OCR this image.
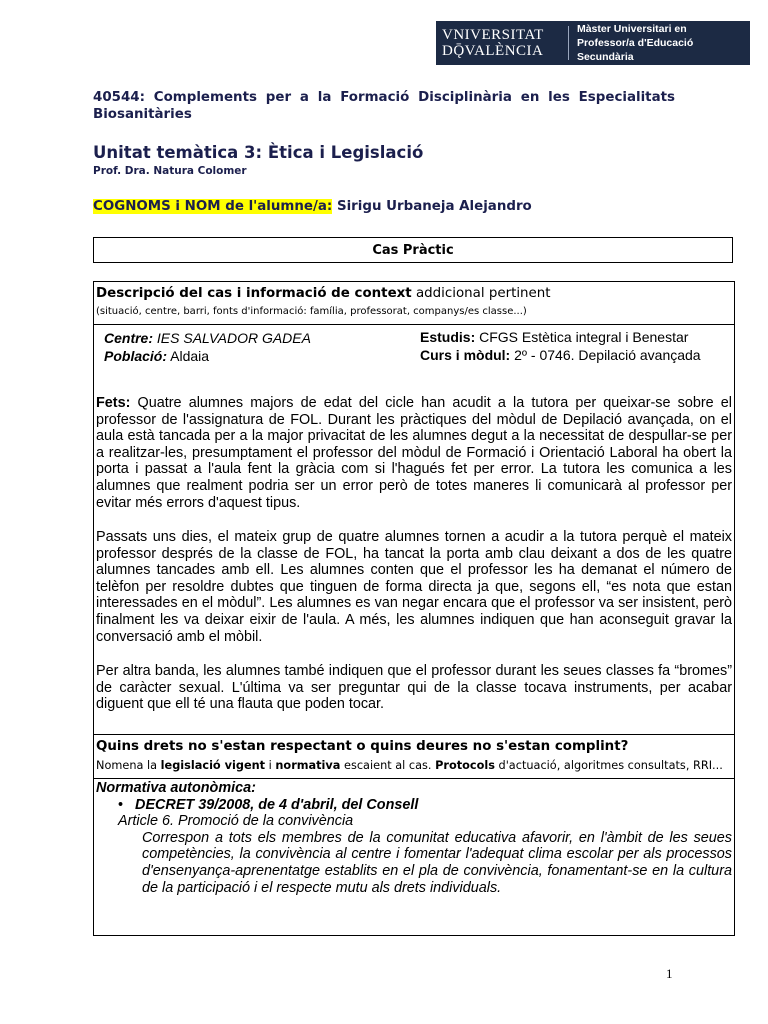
VNIVERSITAT
DǬVALÈNCIA
Màster Universitari en
Professor/a d'Educació Secundària
40544: Complements per a la Formació Disciplinària en les Especialitats
Biosanitàries
Unitat temàtica 3: Ètica i Legislació
Prof. Dra. Natura Colomer
COGNOMS i NOM de l'alumne/a: Sirigu Urbaneja Alejandro
Cas Pràctic
Descripció del cas i informació de context addicional pertinent
(situació, centre, barri, fonts d'informació: família, professorat, companys/es classe...)
Centre: IES SALVADOR GADEA
Població: Aldaia
Estudis: CFGS Estètica integral i Benestar
Curs i mòdul: 2º - 0746. Depilació avançada
Fets: Quatre alumnes majors de edat del cicle han acudit a la tutora per queixar-se sobre el professor de l'assignatura de FOL. Durant les pràctiques del mòdul de Depilació avançada, on el aula està tancada per a la major privacitat de les alumnes degut a la necessitat de despullar-se per a realitzar-les, presumptament el professor del mòdul de Formació i Orientació Laboral ha obert la porta i passat a l'aula fent la gràcia com si l'hagués fet per error. La tutora les comunica a les alumnes que realment podria ser un error però de totes maneres li comunicarà al professor per evitar més errors d'aquest tipus.
Passats uns dies, el mateix grup de quatre alumnes tornen a acudir a la tutora perquè el mateix professor després de la classe de FOL, ha tancat la porta amb clau deixant a dos de les quatre alumnes tancades amb ell. Les alumnes conten que el professor les ha demanat el número de telèfon per resoldre dubtes que tinguen de forma directa ja que, segons ell, “es nota que estan interessades en el mòdul”. Les alumnes es van negar encara que el professor va ser insistent, però finalment les va deixar eixir de l'aula. A més, les alumnes indiquen que han aconseguit gravar la conversació amb el mòbil.
Per altra banda, les alumnes també indiquen que el professor durant les seues classes fa “bromes” de caràcter sexual. L'última va ser preguntar qui de la classe tocava instruments, per acabar diguent que ell té una flauta que poden tocar.
Quins drets no s'estan respectant o quins deures no s'estan complint?
Nomena la legislació vigent i normativa escaient al cas. Protocols d'actuació, algoritmes consultats, RRI...
Normativa autonòmica:
• DECRET 39/2008, de 4 d'abril, del Consell
Article 6. Promoció de la convivència
Correspon a tots els membres de la comunitat educativa afavorir, en l'àmbit de les seues competències, la convivència al centre i fomentar l'adequat clima escolar per als processos d'ensenyança-aprenentatge establits en el pla de convivència, fonamentant-se en la cultura de la participació i el respecte mutu als drets individuals.
1
